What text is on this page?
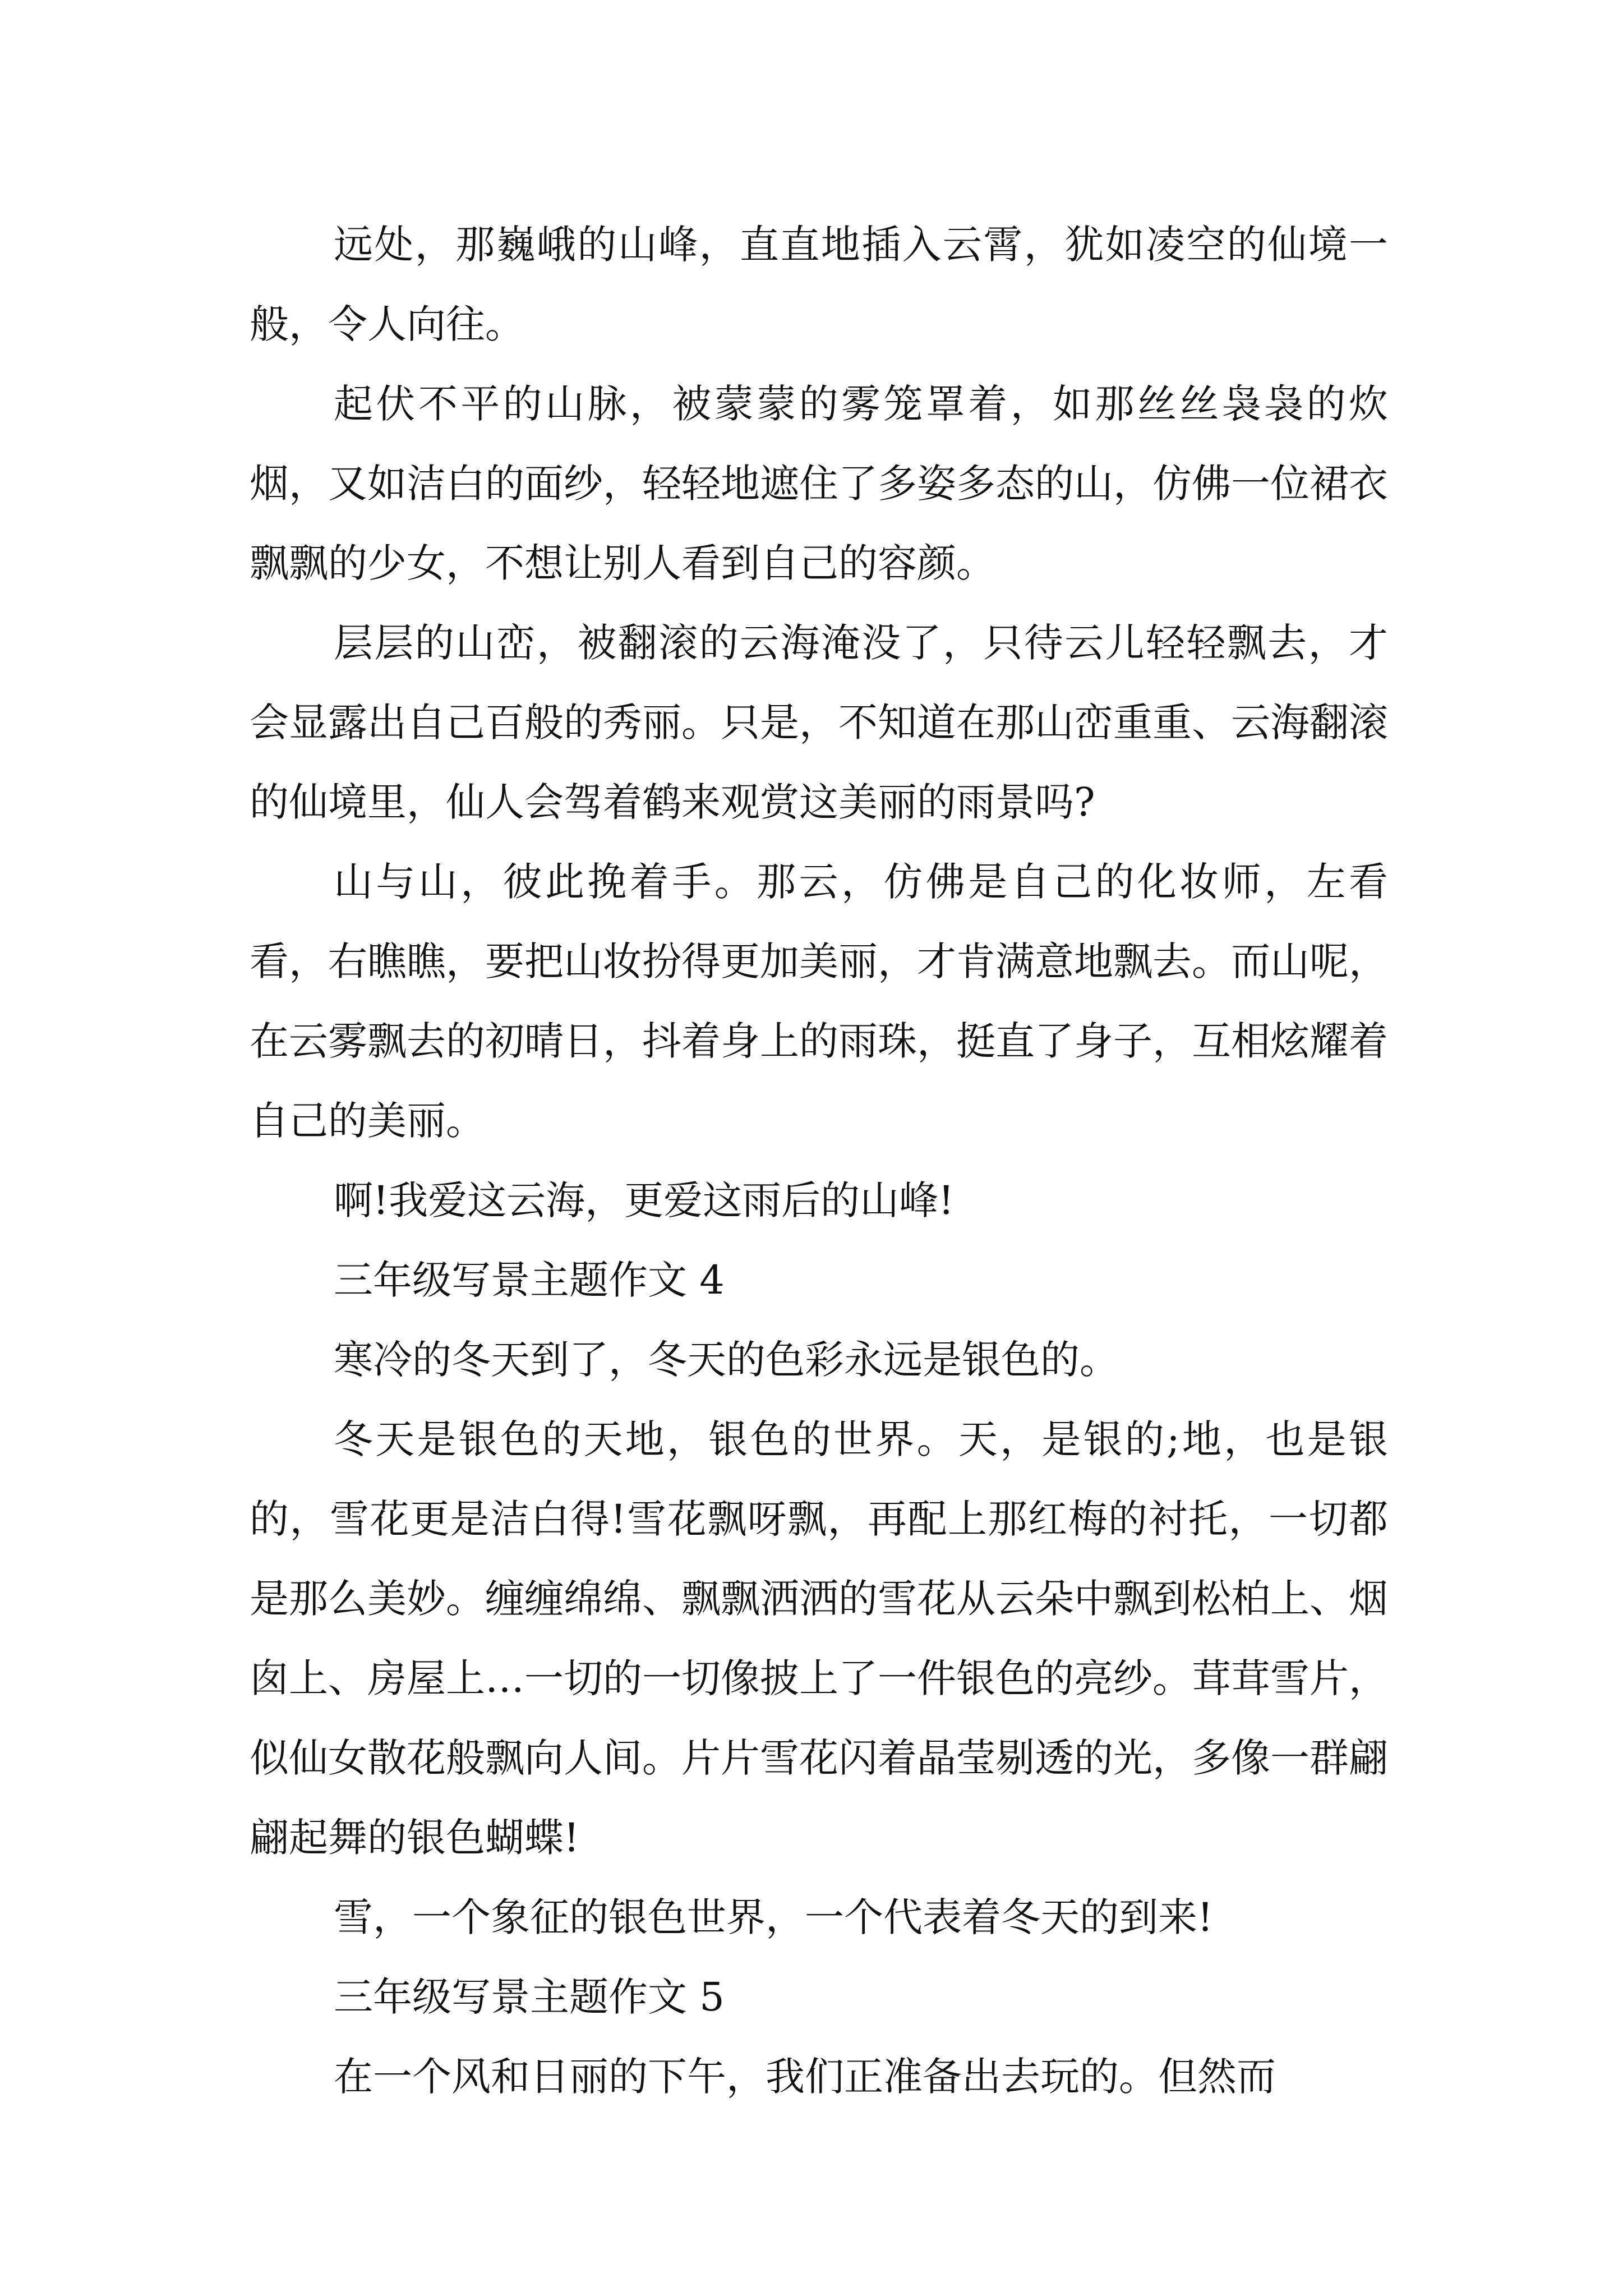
远处，那巍峨的山峰，直直地插入云霄，犹如凌空的仙境一般，令人向往。

起伏不平的山脉，被蒙蒙的雾笼罩着，如那丝丝袅袅的炊烟，又如洁白的面纱，轻轻地遮住了多姿多态的山，仿佛一位裙衣飘飘的少女，不想让别人看到自己的容颜。

层层的山峦，被翻滚的云海淹没了，只待云儿轻轻飘去，才会显露出自己百般的秀丽。只是，不知道在那山峦重重、云海翻滚的仙境里，仙人会驾着鹤来观赏这美丽的雨景吗?

山与山，彼此挽着手。那云，仿佛是自己的化妆师，左看看，右瞧瞧，要把山妆扮得更加美丽，才肯满意地飘去。而山呢，在云雾飘去的初晴日，抖着身上的雨珠，挺直了身子，互相炫耀着自己的美丽。

啊!我爱这云海，更爱这雨后的山峰!

三年级写景主题作文 4

寒冷的冬天到了，冬天的色彩永远是银色的。

冬天是银色的天地，银色的世界。天，是银的;地，也是银的，雪花更是洁白得!雪花飘呀飘，再配上那红梅的衬托，一切都是那么美妙。缠缠绵绵、飘飘洒洒的雪花从云朵中飘到松柏上、烟囱上、房屋上…一切的一切像披上了一件银色的亮纱。茸茸雪片，似仙女散花般飘向人间。片片雪花闪着晶莹剔透的光，多像一群翩翩起舞的银色蝴蝶!

雪，一个象征的银色世界，一个代表着冬天的到来!

三年级写景主题作文 5

在一个风和日丽的下午，我们正准备出去玩的。但然而
